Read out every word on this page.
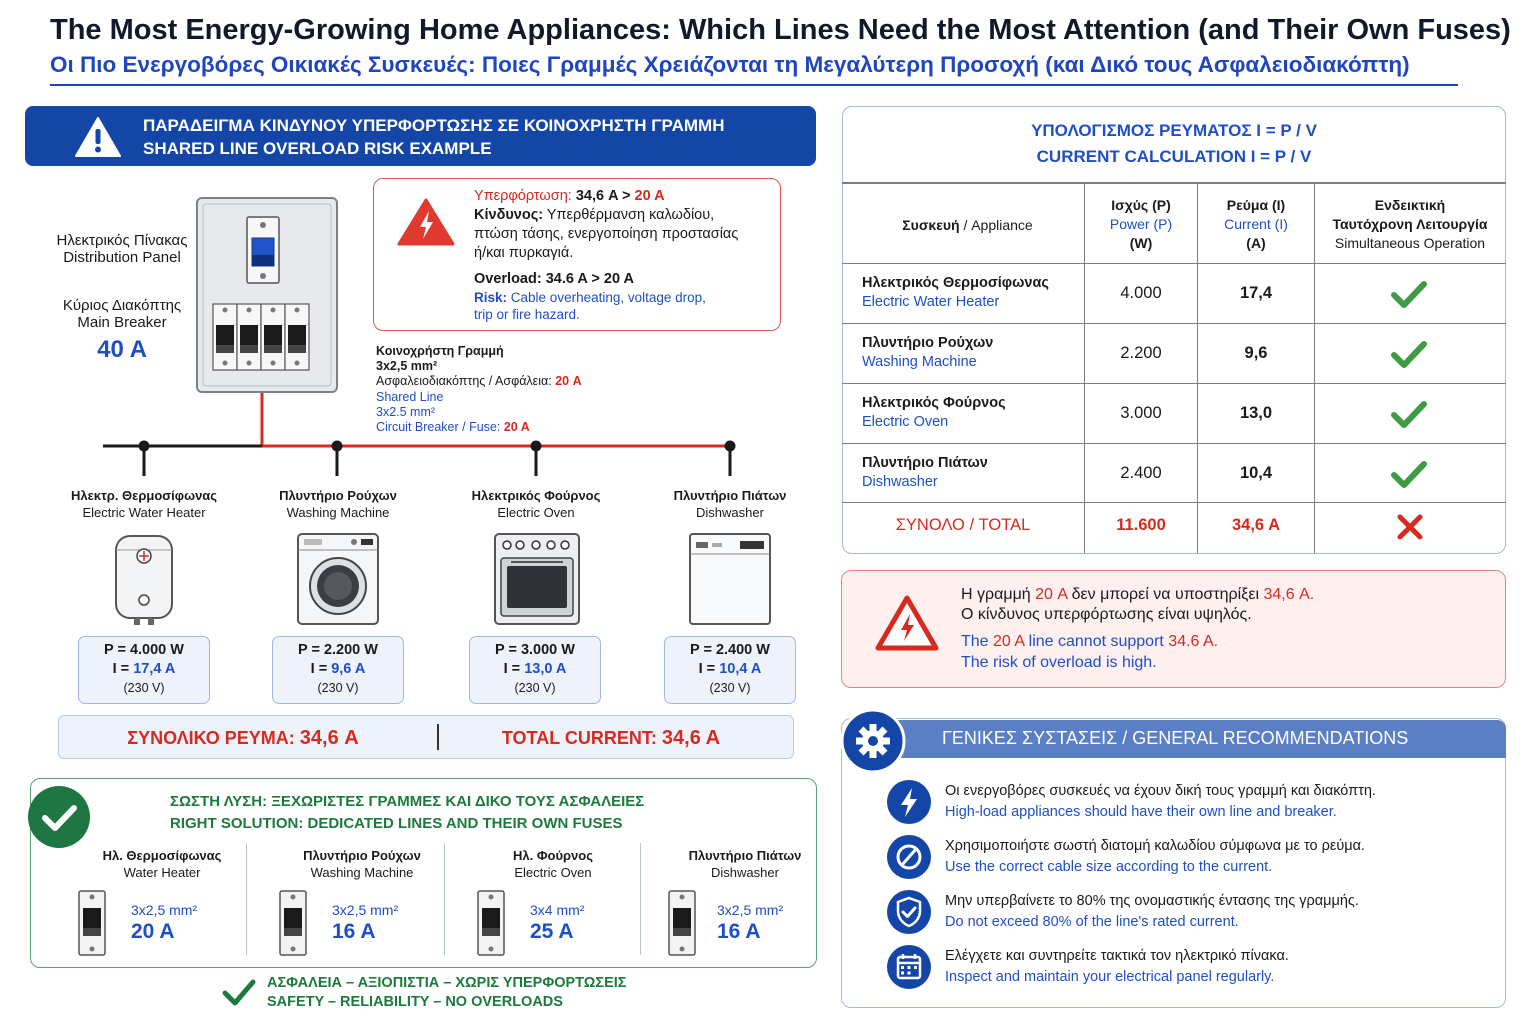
The Most Energy-Growing Home Appliances: Which Lines Need the Most Attention (and Their Own Fuses)
Οι Πιο Ενεργοβόρες Οικιακές Συσκευές: Ποιες Γραμμές Χρειάζονται τη Μεγαλύτερη Προσοχή (και Δικό τους Ασφαλειοδιακόπτη)
ΠΑΡΑΔΕΙΓΜΑ ΚΙΝΔΥΝΟΥ ΥΠΕΡΦΟΡΤΩΣΗΣ ΣΕ ΚΟΙΝΟΧΡΗΣΤΗ ΓΡΑΜΜΗ
SHARED LINE OVERLOAD RISK EXAMPLE
Ηλεκτρικός Πίνακας
Distribution Panel
Κύριος Διακόπτης
Main Breaker
40 A
Υπερφόρτωση: 34,6 A > 20 A
Κίνδυνος: Υπερθέρμανση καλωδίου,
πτώση τάσης, ενεργοποίηση προστασίας
ή/και πυρκαγιά.
Overload: 34.6 A > 20 A
Risk: Cable overheating, voltage drop,
trip or fire hazard.
Κοινοχρήστη Γραμμή
3x2,5 mm²
Ασφαλειοδιακόπτης / Ασφάλεια: 20 A
Shared Line
3x2.5 mm²
Circuit Breaker / Fuse: 20 A
Ηλεκτρ. Θερμοσίφωνας
Electric Water Heater
Πλυντήριο Ρούχων
Washing Machine
Ηλεκτρικός Φούρνος
Electric Oven
Πλυντήριο Πιάτων
Dishwasher
P = 4.000 W
I = 17,4 A
(230 V)
P = 2.200 W
I = 9,6 A
(230 V)
P = 3.000 W
I = 13,0 A
(230 V)
P = 2.400 W
I = 10,4 A
(230 V)
ΣΥΝΟΛΙΚΟ ΡΕΥΜΑ: 34,6 A	TOTAL CURRENT: 34,6 A
ΣΩΣΤΗ ΛΥΣΗ: ΞΕΧΩΡΙΣΤΕΣ ΓΡΑΜΜΕΣ ΚΑΙ ΔΙΚΟ ΤΟΥΣ ΑΣΦΑΛΕΙΕΣ
RIGHT SOLUTION: DEDICATED LINES AND THEIR OWN FUSES
Ηλ. Θερμοσίφωνας
Water Heater
Πλυντήριο Ρούχων
Washing Machine
Ηλ. Φούρνος
Electric Oven
Πλυντήριο Πιάτων
Dishwasher
3x2,5 mm²
20 A
3x2,5 mm²
16 A
3x4 mm²
25 A
3x2,5 mm²
16 A
ΑΣΦΑΛΕΙΑ – ΑΞΙΟΠΙΣΤΙΑ – ΧΩΡΙΣ ΥΠΕΡΦΟΡΤΩΣΕΙΣ
SAFETY – RELIABILITY – NO OVERLOADS
ΥΠΟΛΟΓΙΣΜΟΣ ΡΕΥΜΑΤΟΣ I = P / V
CURRENT CALCULATION I = P / V
Συσκευή / Appliance
Ισχύς (P)
Power (P)
(W)
Ρεύμα (I)
Current (I)
(A)
Ενδεικτική
Ταυτόχρονη Λειτουργία
Simultaneous Operation
Ηλεκτρικός Θερμοσίφωνας
Electric Water Heater	4.000	17,4
Πλυντήριο Ρούχων
Washing Machine	2.200	9,6
Ηλεκτρικός Φούρνος
Electric Oven	3.000	13,0
Πλυντήριο Πιάτων
Dishwasher	2.400	10,4
ΣΥΝΟΛΟ / TOTAL	11.600	34,6 A
Η γραμμή 20 A δεν μπορεί να υποστηρίξει 34,6 A.
Ο κίνδυνος υπερφόρτωσης είναι υψηλός.
The 20 A line cannot support 34.6 A.
The risk of overload is high.
ΓΕΝΙΚΕΣ ΣΥΣΤΑΣΕΙΣ / GENERAL RECOMMENDATIONS
Οι ενεργοβόρες συσκευές να έχουν δική τους γραμμή και διακόπτη.
High-load appliances should have their own line and breaker.
Χρησιμοποιήστε σωστή διατομή καλωδίου σύμφωνα με το ρεύμα.
Use the correct cable size according to the current.
Μην υπερβαίνετε το 80% της ονομαστικής έντασης της γραμμής.
Do not exceed 80% of the line's rated current.
Ελέγχετε και συντηρείτε τακτικά τον ηλεκτρικό πίνακα.
Inspect and maintain your electrical panel regularly.
